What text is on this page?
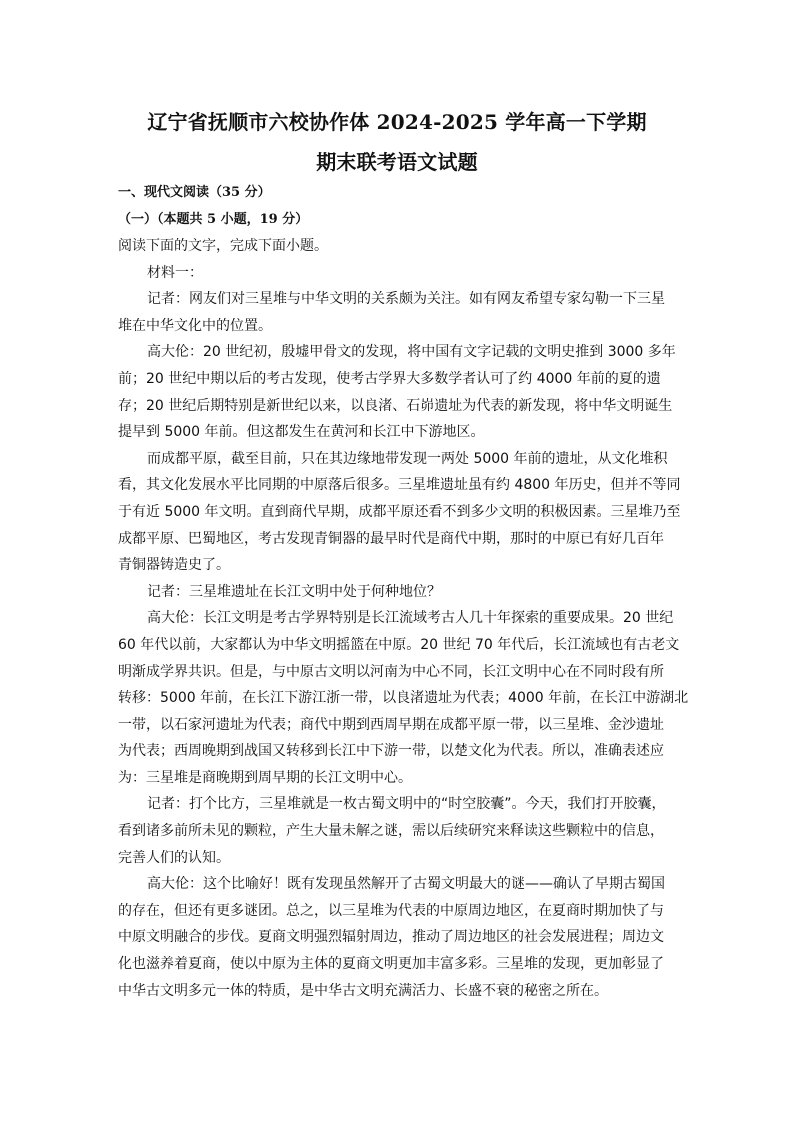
辽宁省抚顺市六校协作体 2024-2025 学年高一下学期
期末联考语文试题
一、现代文阅读（35 分）
（一）（本题共 5 小题，19 分）
阅读下面的文字，完成下面小题。
材料一：
记者：网友们对三星堆与中华文明的关系颇为关注。如有网友希望专家勾勒一下三星
堆在中华文化中的位置。
高大伦：20 世纪初，殷墟甲骨文的发现，将中国有文字记载的文明史推到 3000 多年
前；20 世纪中期以后的考古发现，使考古学界大多数学者认可了约 4000 年前的夏的遗
存；20 世纪后期特别是新世纪以来，以良渚、石峁遗址为代表的新发现，将中华文明诞生
提早到 5000 年前。但这都发生在黄河和长江中下游地区。
而成都平原，截至目前，只在其边缘地带发现一两处 5000 年前的遗址，从文化堆积
看，其文化发展水平比同期的中原落后很多。三星堆遗址虽有约 4800 年历史，但并不等同
于有近 5000 年文明。直到商代早期，成都平原还看不到多少文明的积极因素。三星堆乃至
成都平原、巴蜀地区，考古发现青铜器的最早时代是商代中期，那时的中原已有好几百年
青铜器铸造史了。
记者：三星堆遗址在长江文明中处于何种地位？
高大伦：长江文明是考古学界特别是长江流域考古人几十年探索的重要成果。20 世纪
60 年代以前，大家都认为中华文明摇篮在中原。20 世纪 70 年代后，长江流域也有古老文
明渐成学界共识。但是，与中原古文明以河南为中心不同，长江文明中心在不同时段有所
转移：5000 年前，在长江下游江浙一带，以良渚遗址为代表；4000 年前，在长江中游湖北
一带，以石家河遗址为代表；商代中期到西周早期在成都平原一带，以三星堆、金沙遗址
为代表；西周晚期到战国又转移到长江中下游一带，以楚文化为代表。所以，准确表述应
为：三星堆是商晚期到周早期的长江文明中心。
记者：打个比方，三星堆就是一枚古蜀文明中的“时空胶囊”。今天，我们打开胶囊，
看到诸多前所未见的颗粒，产生大量未解之谜，需以后续研究来释读这些颗粒中的信息，
完善人们的认知。
高大伦：这个比喻好！既有发现虽然解开了古蜀文明最大的谜——确认了早期古蜀国
的存在，但还有更多谜团。总之，以三星堆为代表的中原周边地区，在夏商时期加快了与
中原文明融合的步伐。夏商文明强烈辐射周边，推动了周边地区的社会发展进程；周边文
化也滋养着夏商，使以中原为主体的夏商文明更加丰富多彩。三星堆的发现，更加彰显了
中华古文明多元一体的特质，是中华古文明充满活力、长盛不衰的秘密之所在。
